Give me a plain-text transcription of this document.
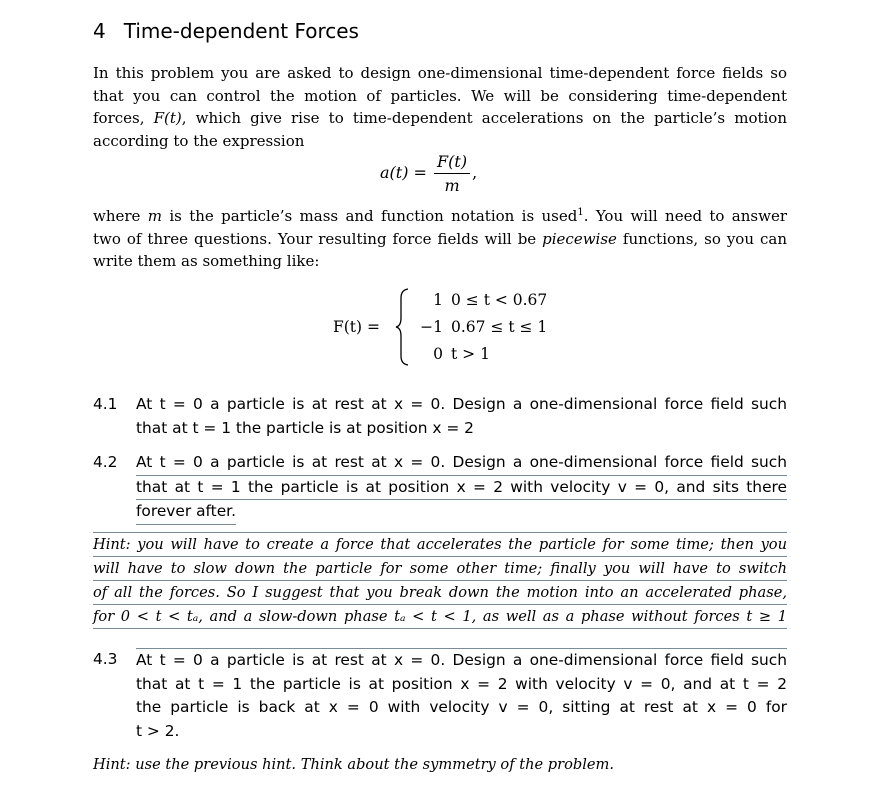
4 Time-dependent Forces
In this problem you are asked to design one-dimensional time-dependent force fields so
that you can control the motion of particles. We will be considering time-dependent
forces, F(t), which give rise to time-dependent accelerations on the particle’s motion
according to the expression
$a(t) = \frac{F(t)}{m}$ ,
where m is the particle’s mass and function notation is used$^1$. You will need to answer
two of three questions. Your resulting force fields will be piecewise functions, so you can
write them as something like:
F(t) =
1 0 ≤ t < 0.67
−1 0.67 ≤ t ≤ 1
0 t > 1
4.1 At t = 0 a particle is at rest at x = 0. Design a one-dimensional force field such
that at t = 1 the particle is at position x = 2
4.2 At t = 0 a particle is at rest at x = 0. Design a one-dimensional force field such
that at t = 1 the particle is at position x = 2 with velocity v = 0, and sits there
forever after.
Hint: you will have to create a force that accelerates the particle for some time; then you
will have to slow down the particle for some other time; finally you will have to switch
of all the forces. So I suggest that you break down the motion into an accelerated phase,
for 0 < t < tₐ, and a slow-down phase tₐ < t < 1, as well as a phase without forces t ≥ 1
4.3 At t = 0 a particle is at rest at x = 0. Design a one-dimensional force field such
that at t = 1 the particle is at position x = 2 with velocity v = 0, and at t = 2
the particle is back at x = 0 with velocity v = 0, sitting at rest at x = 0 for
t > 2.
Hint: use the previous hint. Think about the symmetry of the problem.
